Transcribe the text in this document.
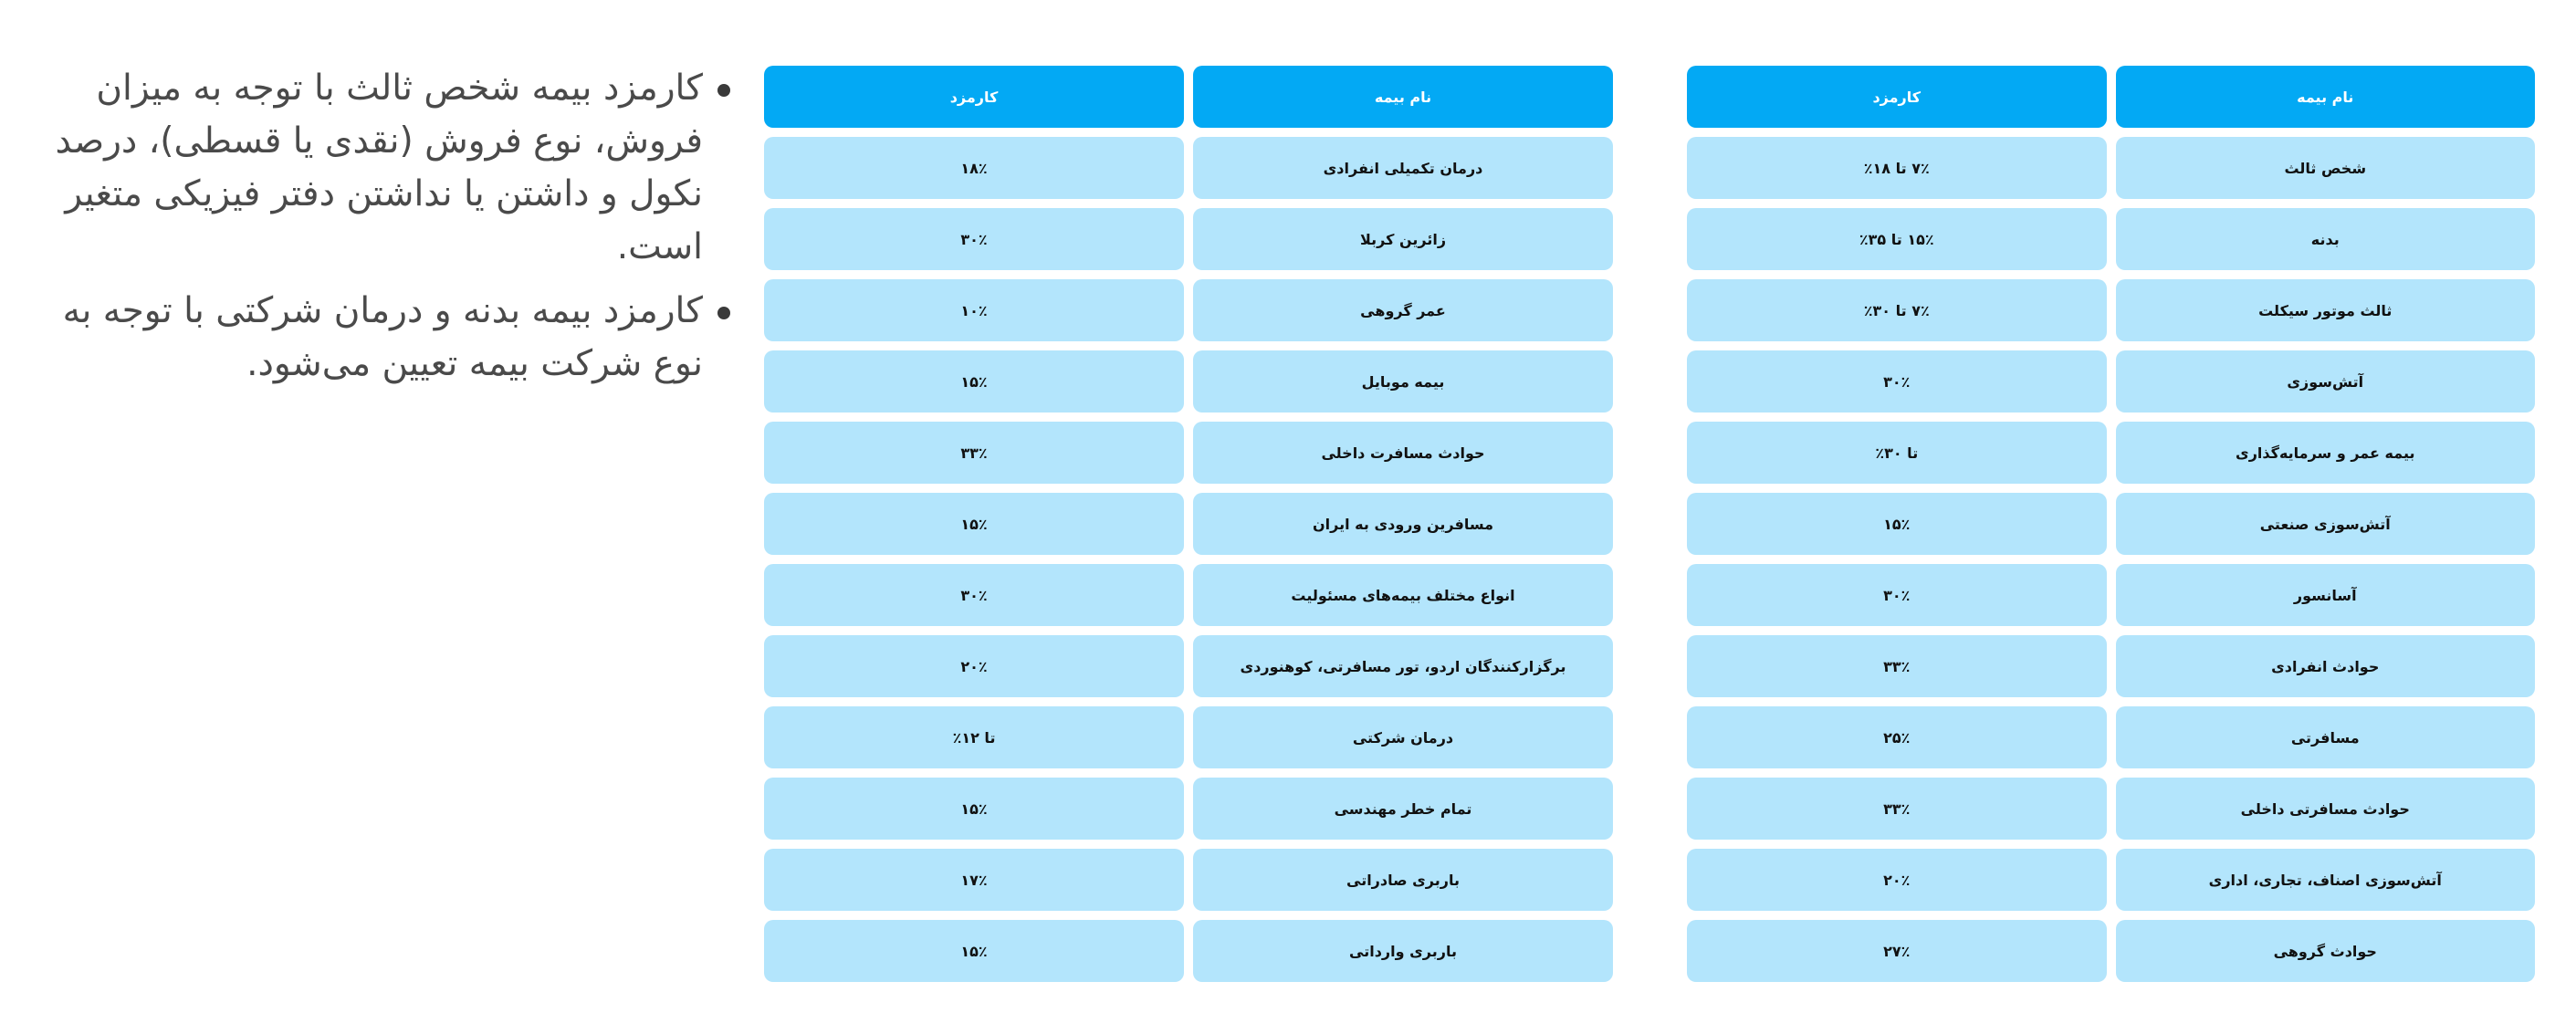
نام بیمه
کارمزد
شخص ثالث
۷٪ تا ۱۸٪
بدنه
۱۵٪ تا ۳۵٪
ثالث موتور سیکلت
۷٪ تا ۳۰٪
آتش‌سوزی
۳۰٪
بیمه عمر و سرمایه‌گذاری
تا ۳۰٪
آتش‌سوزی صنعتی
۱۵٪
آسانسور
۳۰٪
حوادث انفرادی
۳۳٪
مسافرتی
۲۵٪
حوادث مسافرتی داخلی
۳۳٪
آتش‌سوزی اصناف، تجاری، اداری
۲۰٪
حوادث گروهی
۲۷٪
نام بیمه
کارمزد
درمان تکمیلی انفرادی
۱۸٪
زائرین کربلا
۳۰٪
عمر گروهی
۱۰٪
بیمه موبایل
۱۵٪
حوادث مسافرت داخلی
۳۳٪
مسافرین ورودی به ایران
۱۵٪
انواع مختلف بیمه‌های مسئولیت
۳۰٪
برگزارکنندگان اردو، تور مسافرتی، کوهنوردی
۲۰٪
درمان شرکتی
تا ۱۲٪
تمام خطر مهندسی
۱۵٪
باربری صادراتی
۱۷٪
باربری وارداتی
۱۵٪
کارمزد بیمه شخص ثالث با توجه به میزان فروش، نوع فروش (نقدی یا قسطی)، درصد نکول و داشتن یا نداشتن دفتر فیزیکی متغیر است.
کارمزد بیمه بدنه و درمان شرکتی با توجه به نوع شرکت بیمه تعیین می‌شود.
